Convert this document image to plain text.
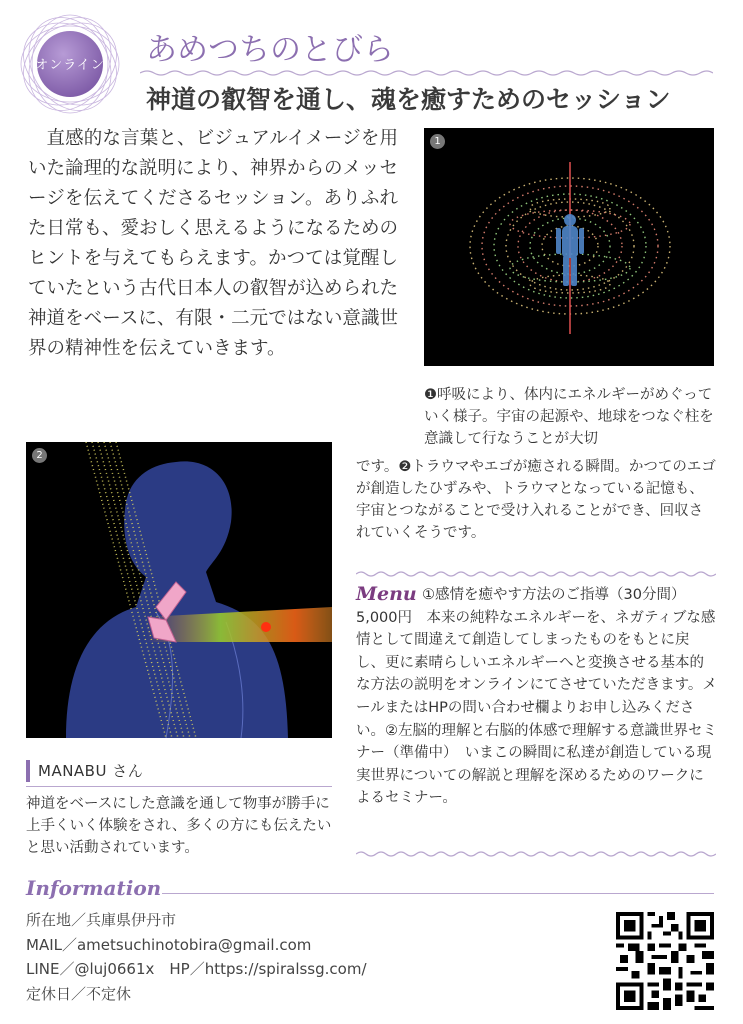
オンライン	あめつちのとびら
神道の叡智を通し、魂を癒すためのセッション
直感的な言葉と、ビジュアルイメージを用いた論理的な説明により、神界からのメッセージを伝えてくださるセッション。ありふれた日常も、愛おしく思えるようになるためのヒントを与えてもらえます。かつては覚醒していたという古代日本人の叡智が込められた神道をベースに、有限・二元ではない意識世界の精神性を伝えていきます。
1
❶呼吸により、体内にエネルギーがめぐっていく様子。宇宙の起源や、地球をつなぐ柱を意識して行なうことが大切
です。❷トラウマやエゴが癒される瞬間。かつてのエゴが創造したひずみや、トラウマとなっている記憶も、宇宙とつながることで受け入れることができ、回収されていくそうです。
2
MANABU さん
神道をベースにした意識を通して物事が勝手に上手くいく体験をされ、多くの方にも伝えたいと思い活動されています。
Menu ①感情を癒やす方法のご指導（30分間）5,000円　本来の純粋なエネルギーを、ネガティブな感情として間違えて創造してしまったものをもとに戻し、更に素晴らしいエネルギーへと変換させる基本的な方法の説明をオンラインにてさせていただきます。メールまたはHPの問い合わせ欄よりお申し込みください。②左脳的理解と右脳的体感で理解する意識世界セミナー（準備中）　いまこの瞬間に私達が創造している現実世界についての解説と理解を深めるためのワークによるセミナー。
Information
所在地／兵庫県伊丹市
MAIL／ametsuchinotobira@gmail.com
LINE／@luj0661x　HP／https://spiralssg.com/
定休日／不定休
